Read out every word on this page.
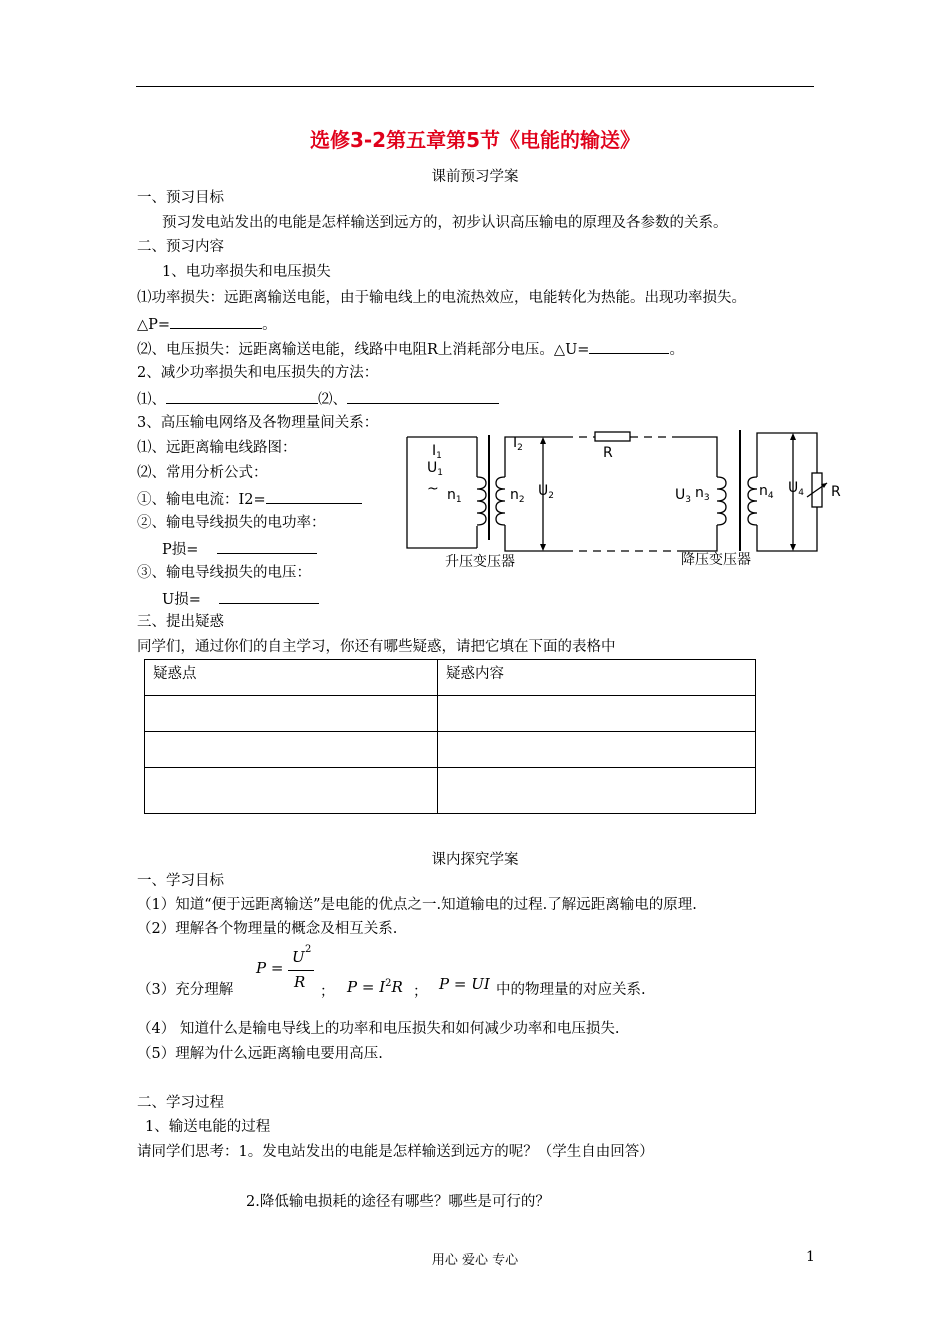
选修3-2第五章第5节《电能的输送》
课前预习学案
一、预习目标
预习发电站发出的电能是怎样输送到远方的，初步认识高压输电的原理及各参数的关系。
二、预习内容
1、电功率损失和电压损失
⑴功率损失：远距离输送电能，由于输电线上的电流热效应，电能转化为热能。出现功率损失。
△P=	。
⑵、电压损失：远距离输送电能，线路中电阻R上消耗部分电压。△U=	。
2、减少功率损失和电压损失的方法：
⑴、	⑵、
3、高压输电网络及各物理量间关系：
⑴、远距离输电线路图：
⑵、常用分析公式：
①、输电电流：I2=
②、输电导线损失的电功率：
P损=
③、输电导线损失的电压：
U损=
三、提出疑惑
同学们，通过你们的自主学习，你还有哪些疑惑，请把它填在下面的表格中
疑惑点	疑惑内容

$I_1$
$U_1$
~ $n_1$
$I_2$
$n_2$
$U_2$
R
$U_3$ $n_3$	$n_4$ $U_4$ R
升压变压器	降压变压器
课内探究学案
一、学习目标
（1）知道“便于远距离输送”是电能的优点之一.知道输电的过程.了解远距离输电的原理.
（2）理解各个物理量的概念及相互关系.
（3）充分理解
P =
U 2
R
； $P = I^2R$ ； P = UI 中的物理量的对应关系.
（4） 知道什么是输电导线上的功率和电压损失和如何减少功率和电压损失.
（5）理解为什么远距离输电要用高压.
二、学习过程
1、输送电能的过程
请同学们思考：1。发电站发出的电能是怎样输送到远方的呢？（学生自由回答）
2.降低输电损耗的途径有哪些？哪些是可行的？
用心 爱心 专心	1
